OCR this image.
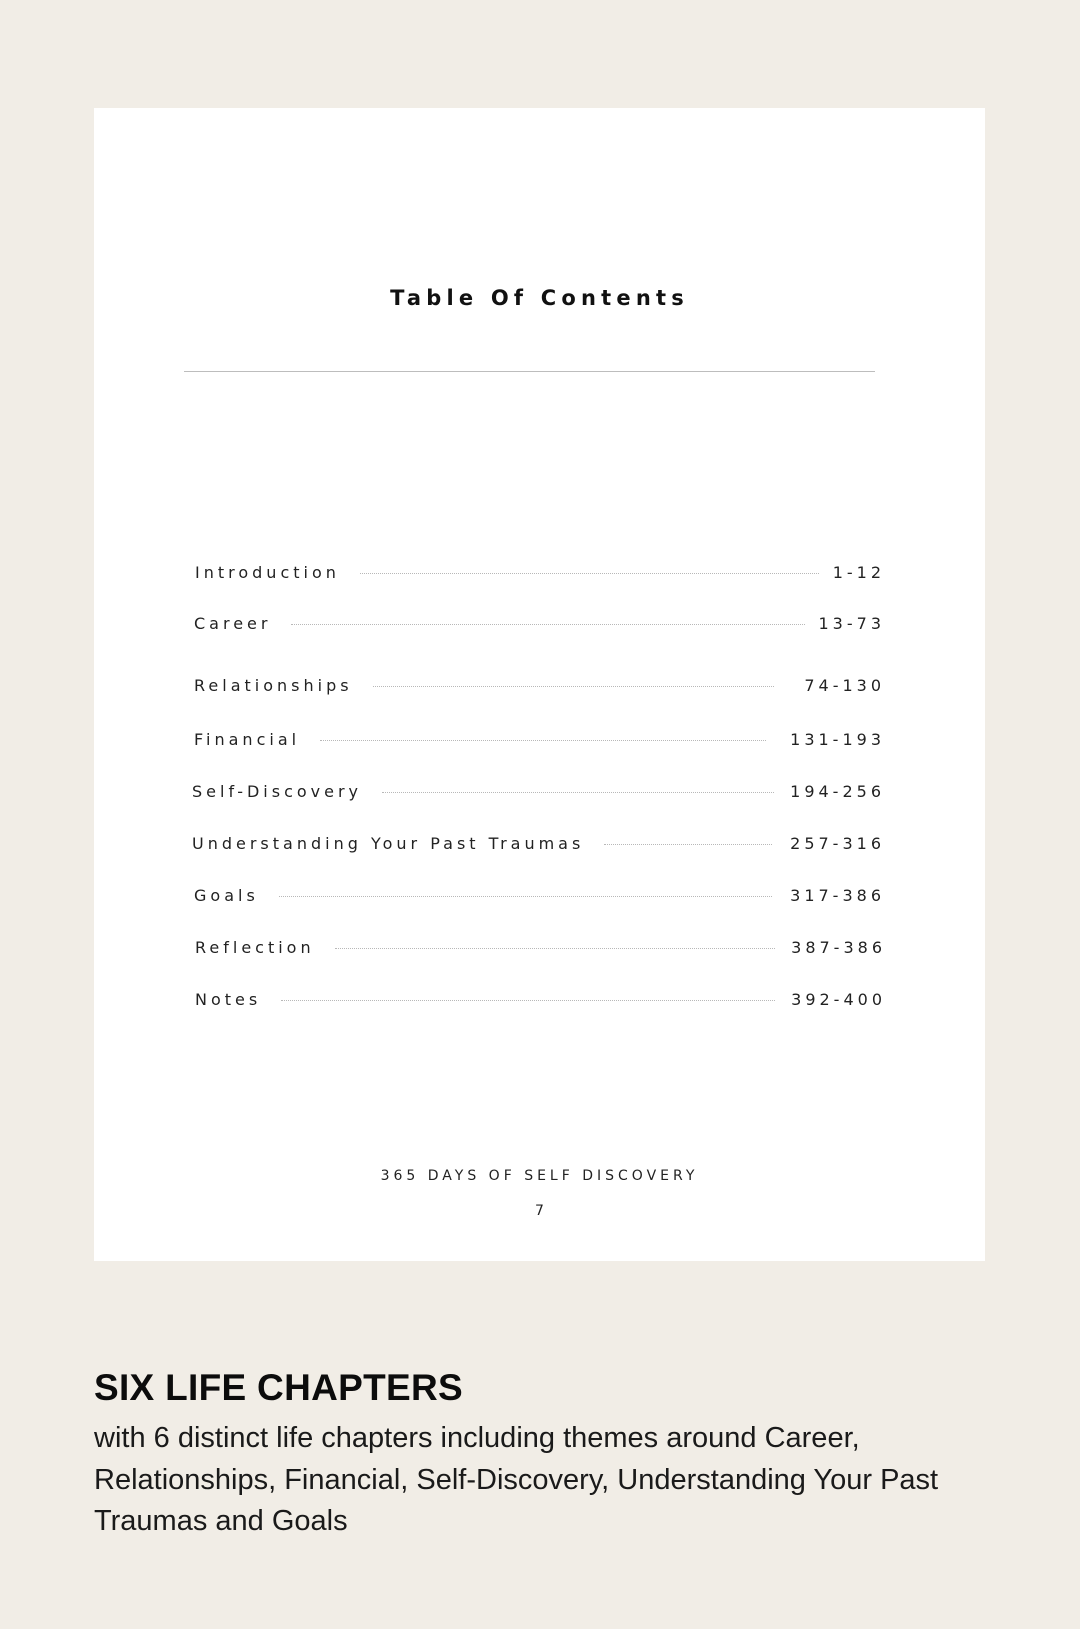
Table Of Contents
Introduction	1-12
Career	13-73
Relationships	74-130
Financial	131-193
Self-Discovery	194-256
Understanding Your Past Traumas	257-316
Goals	317-386
Reflection	387-386
Notes	392-400
365 DAYS OF SELF DISCOVERY
7
SIX LIFE CHAPTERS
with 6 distinct life chapters including themes around Career, Relationships, Financial, Self-Discovery, Understanding Your Past Traumas and Goals
